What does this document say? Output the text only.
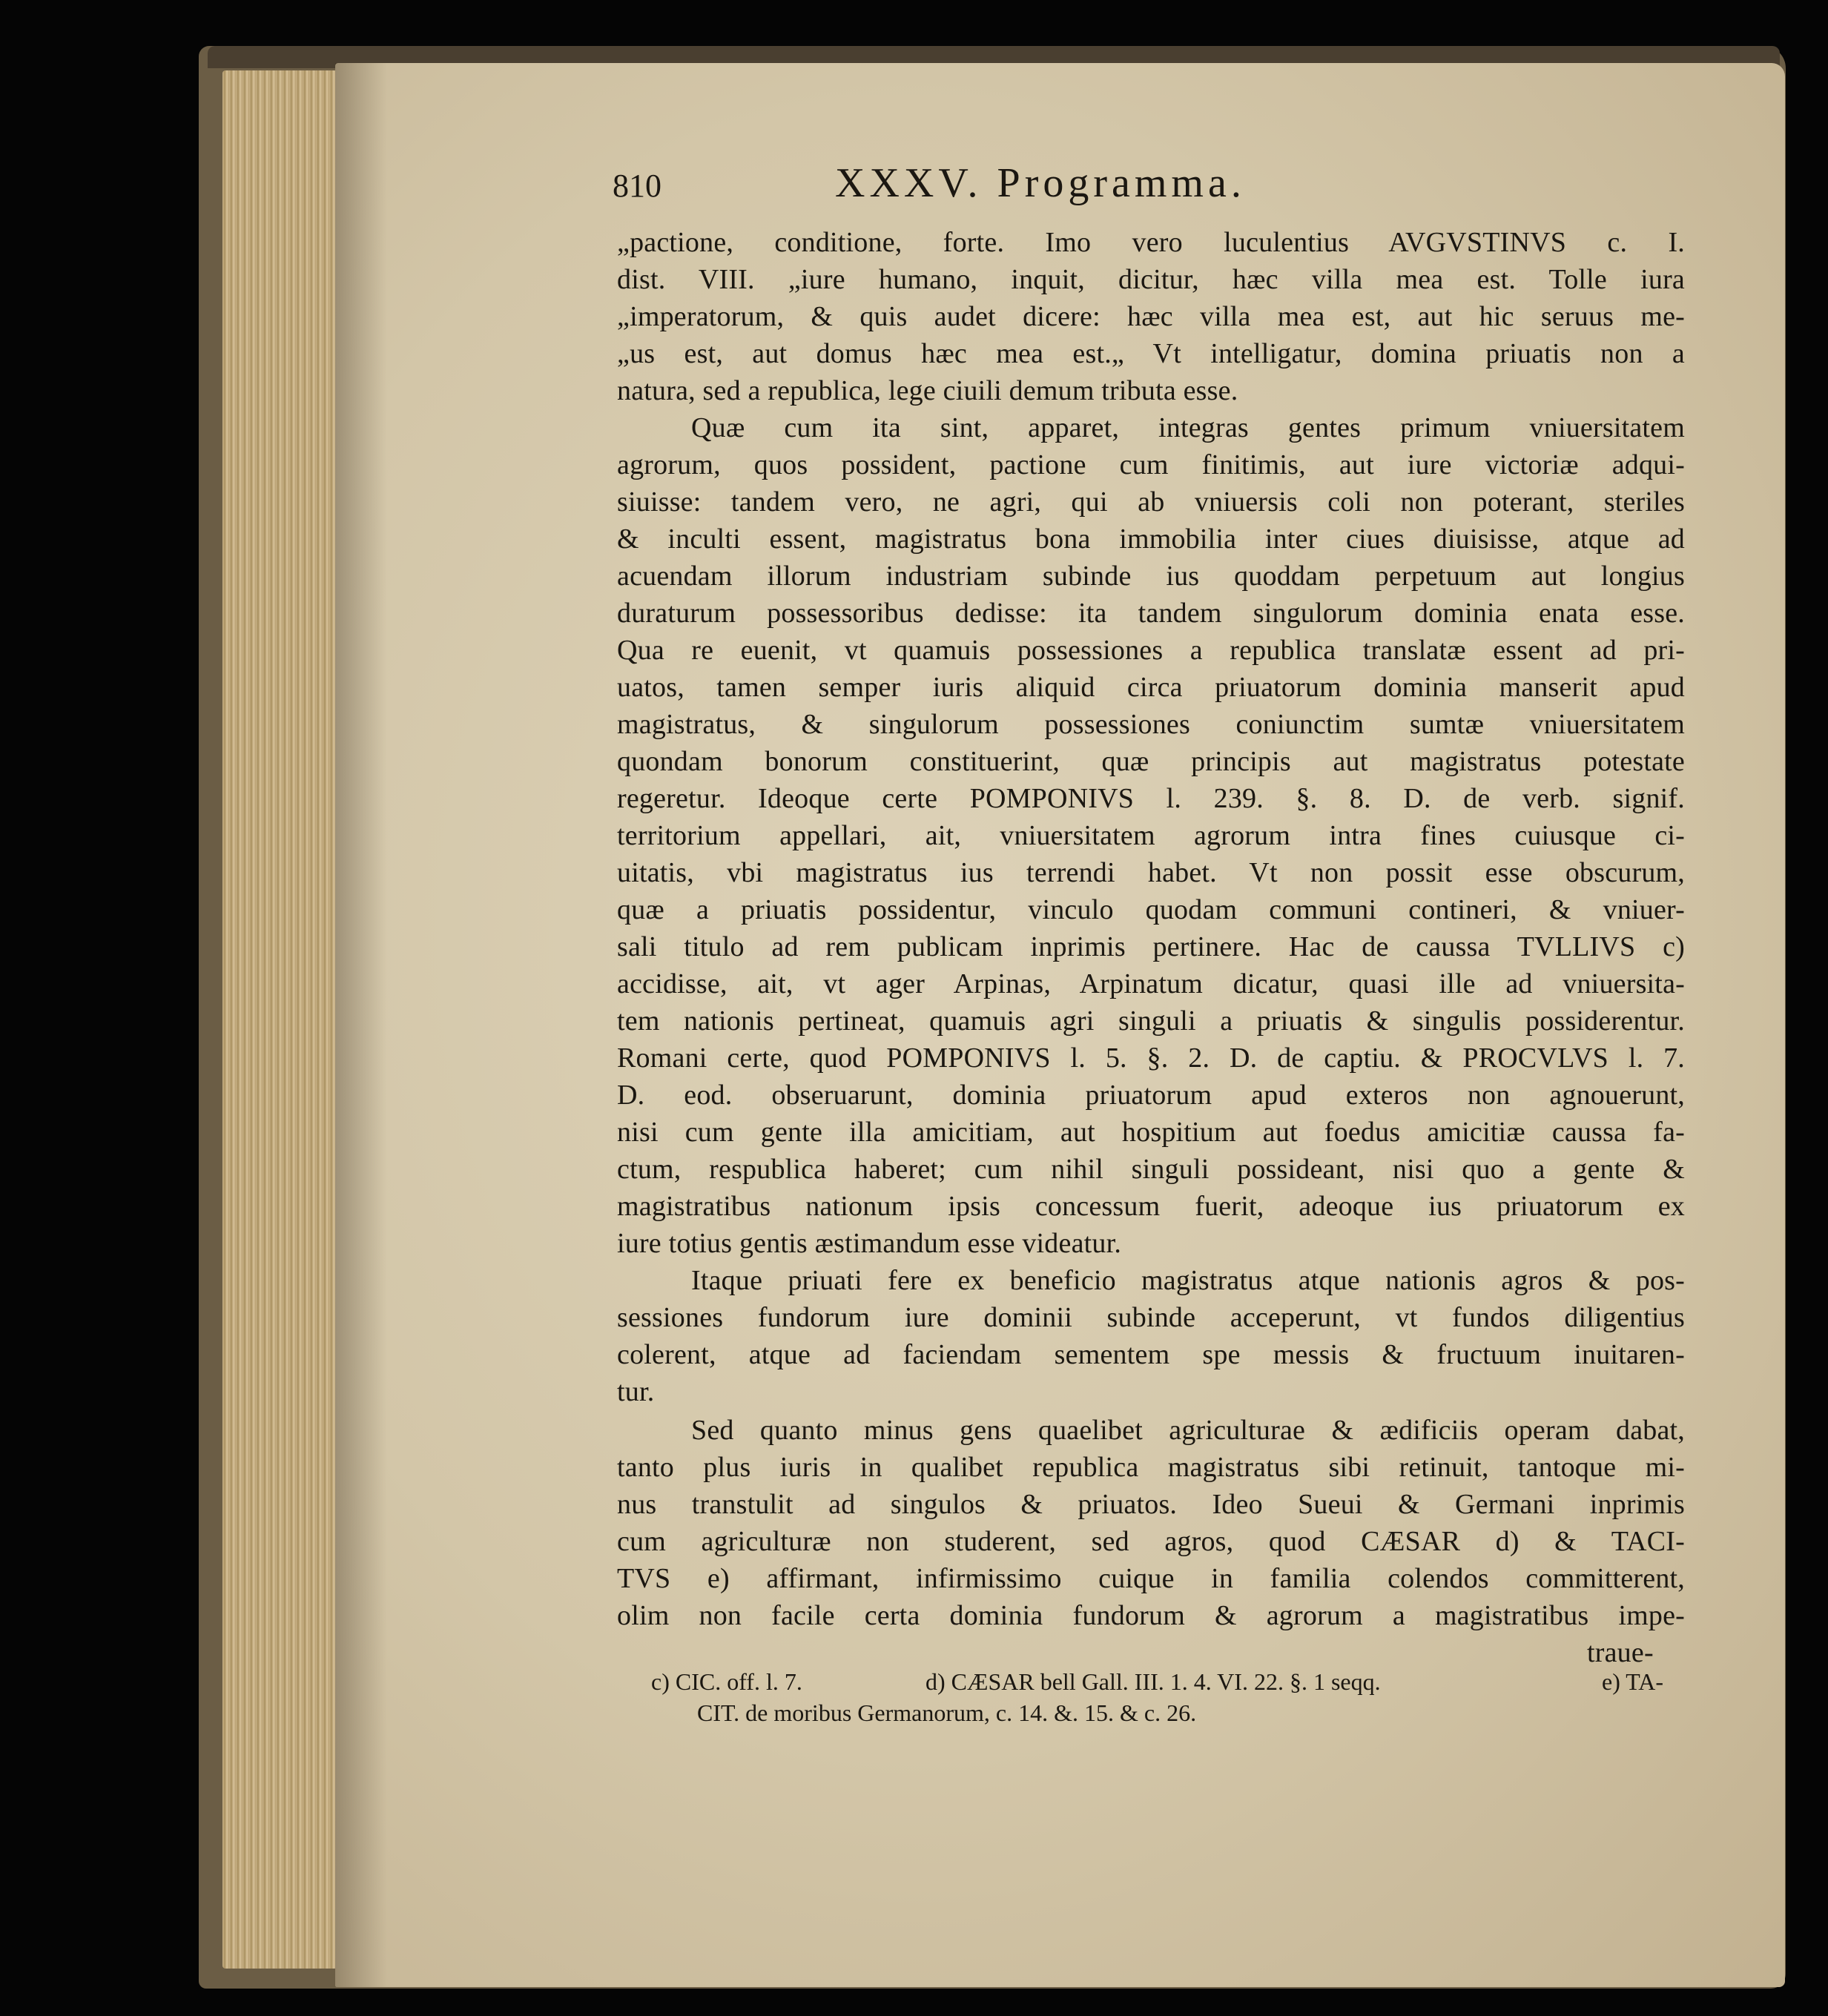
810	XXXV. Programma.
„pactione, conditione, forte. Imo vero luculentius AVGVSTINVS c. I.
dist. VIII. „iure humano, inquit, dicitur, hæc villa mea est. Tolle iura
„imperatorum, & quis audet dicere: hæc villa mea est, aut hic seruus me-
„us est, aut domus hæc mea est.„ Vt intelligatur, domina priuatis non a
natura, sed a republica, lege ciuili demum tributa esse.
Quæ cum ita sint, apparet, integras gentes primum vniuersitatem
agrorum, quos possident, pactione cum finitimis, aut iure victoriæ adqui-
siuisse: tandem vero, ne agri, qui ab vniuersis coli non poterant, steriles
& inculti essent, magistratus bona immobilia inter ciues diuisisse, atque ad
acuendam illorum industriam subinde ius quoddam perpetuum aut longius
duraturum possessoribus dedisse: ita tandem singulorum dominia enata esse.
Qua re euenit, vt quamuis possessiones a republica translatæ essent ad pri-
uatos, tamen semper iuris aliquid circa priuatorum dominia manserit apud
magistratus, & singulorum possessiones coniunctim sumtæ vniuersitatem
quondam bonorum constituerint, quæ principis aut magistratus potestate
regeretur. Ideoque certe POMPONIVS l. 239. §. 8. D. de verb. signif.
territorium appellari, ait, vniuersitatem agrorum intra fines cuiusque ci-
uitatis, vbi magistratus ius terrendi habet. Vt non possit esse obscurum,
quæ a priuatis possidentur, vinculo quodam communi contineri, & vniuer-
sali titulo ad rem publicam inprimis pertinere. Hac de caussa TVLLIVS c)
accidisse, ait, vt ager Arpinas, Arpinatum dicatur, quasi ille ad vniuersita-
tem nationis pertineat, quamuis agri singuli a priuatis & singulis possiderentur.
Romani certe, quod POMPONIVS l. 5. §. 2. D. de captiu. & PROCVLVS l. 7.
D. eod. obseruarunt, dominia priuatorum apud exteros non agnouerunt,
nisi cum gente illa amicitiam, aut hospitium aut foedus amicitiæ caussa fa-
ctum, respublica haberet; cum nihil singuli possideant, nisi quo a gente &
magistratibus nationum ipsis concessum fuerit, adeoque ius priuatorum ex
iure totius gentis æstimandum esse videatur.
Itaque priuati fere ex beneficio magistratus atque nationis agros & pos-
sessiones fundorum iure dominii subinde acceperunt, vt fundos diligentius
colerent, atque ad faciendam sementem spe messis & fructuum inuitaren-
tur.
Sed quanto minus gens quaelibet agriculturae & ædificiis operam dabat,
tanto plus iuris in qualibet republica magistratus sibi retinuit, tantoque mi-
nus transtulit ad singulos & priuatos. Ideo Sueui & Germani inprimis
cum agriculturæ non studerent, sed agros, quod CÆSAR d) & TACI-
TVS e) affirmant, infirmissimo cuique in familia colendos committerent,
olim non facile certa dominia fundorum & agrorum a magistratibus impe-
traue-
c) CIC. off. l. 7.	d) CÆSAR bell Gall. III. 1. 4. VI. 22. §. 1 seqq.	e) TA-
CIT. de moribus Germanorum, c. 14. &. 15. & c. 26.
